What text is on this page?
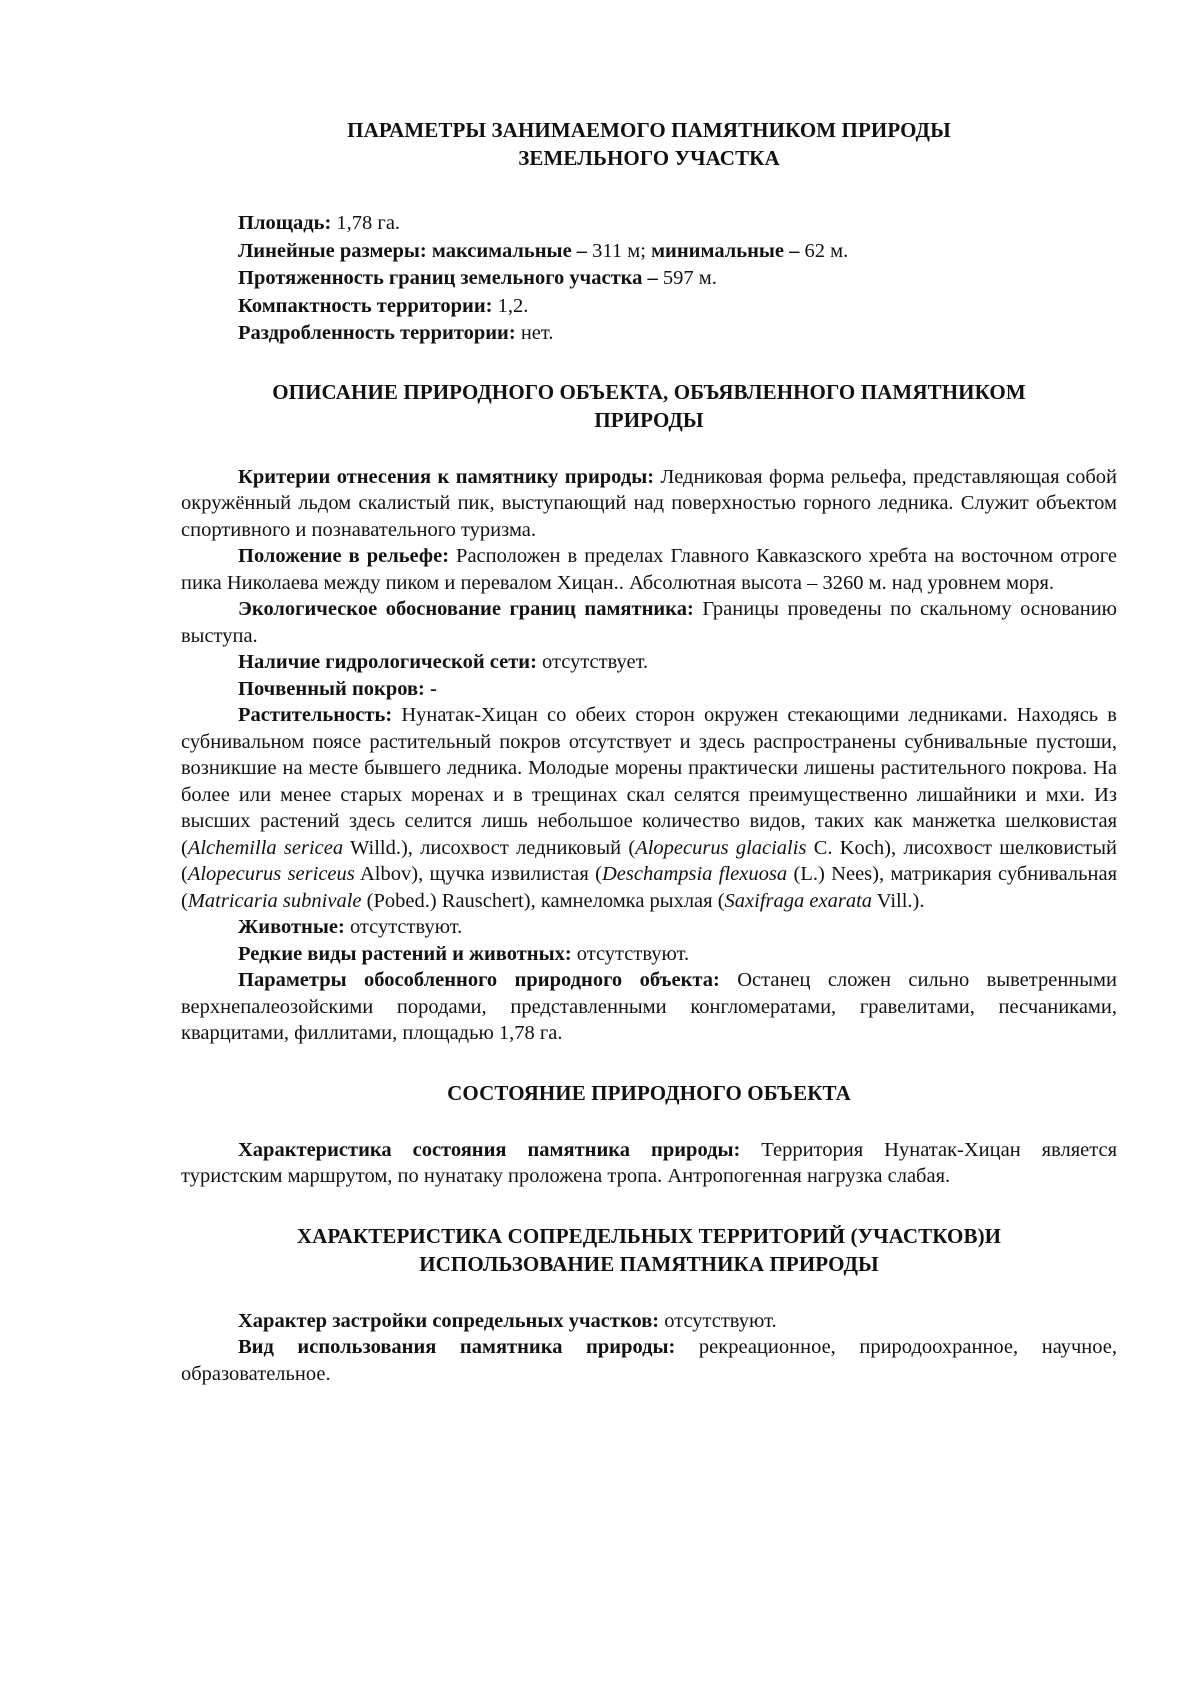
ПАРАМЕТРЫ ЗАНИМАЕМОГО ПАМЯТНИКОМ ПРИРОДЫ
ЗЕМЕЛЬНОГО УЧАСТКА

Площадь: 1,78 га.

Линейные размеры: максимальные – 311 м; минимальные – 62 м.

Протяженность границ земельного участка – 597 м.

Компактность территории: 1,2.

Раздробленность территории: нет.

ОПИСАНИЕ ПРИРОДНОГО ОБЪЕКТА, ОБЪЯВЛЕННОГО ПАМЯТНИКОМ
ПРИРОДЫ

Критерии отнесения к памятнику природы: Ледниковая форма рельефа, представляющая собой окружённый льдом скалистый пик, выступающий над поверхностью горного ледника. Служит объектом спортивного и познавательного туризма.

Положение в рельефе: Расположен в пределах Главного Кавказского хребта на восточном отроге пика Николаева между пиком и перевалом Хицан.. Абсолютная высота – 3260 м. над уровнем моря.

Экологическое обоснование границ памятника: Границы проведены по скальному основанию выступа.

Наличие гидрологической сети: отсутствует.

Почвенный покров: -

Растительность: Нунатак-Хицан со обеих сторон окружен стекающими ледниками. Находясь в субнивальном поясе растительный покров отсутствует и здесь распространены субнивальные пустоши, возникшие на месте бывшего ледника. Молодые морены практически лишены растительного покрова. На более или менее старых моренах и в трещинах скал селятся преимущественно лишайники и мхи. Из высших растений здесь селится лишь небольшое количество видов, таких как манжетка шелковистая (Alchemilla sericea Willd.), лисохвост ледниковый (Alopecurus glacialis C. Koch), лисохвост шелковистый (Alopecurus sericeus Albov), щучка извилистая (Deschampsia flexuosa (L.) Nees), матрикария субнивальная (Matricaria subnivale (Pobed.) Rauschert), камнеломка рыхлая (Saxifraga exarata Vill.).

Животные: отсутствуют.

Редкие виды растений и животных: отсутствуют.

Параметры обособленного природного объекта: Останец сложен сильно выветренными верхнепалеозойскими породами, представленными конгломератами, гравелитами, песчаниками, кварцитами, филлитами, площадью 1,78 га.

СОСТОЯНИЕ ПРИРОДНОГО ОБЪЕКТА

Характеристика состояния памятника природы: Территория Нунатак-Хицан является туристским маршрутом, по нунатаку проложена тропа. Антропогенная нагрузка слабая.

ХАРАКТЕРИСТИКА СОПРЕДЕЛЬНЫХ ТЕРРИТОРИЙ (УЧАСТКОВ)И
ИСПОЛЬЗОВАНИЕ ПАМЯТНИКА ПРИРОДЫ

Характер застройки сопредельных участков: отсутствуют.

Вид использования памятника природы: рекреационное, природоохранное, научное, образовательное.
